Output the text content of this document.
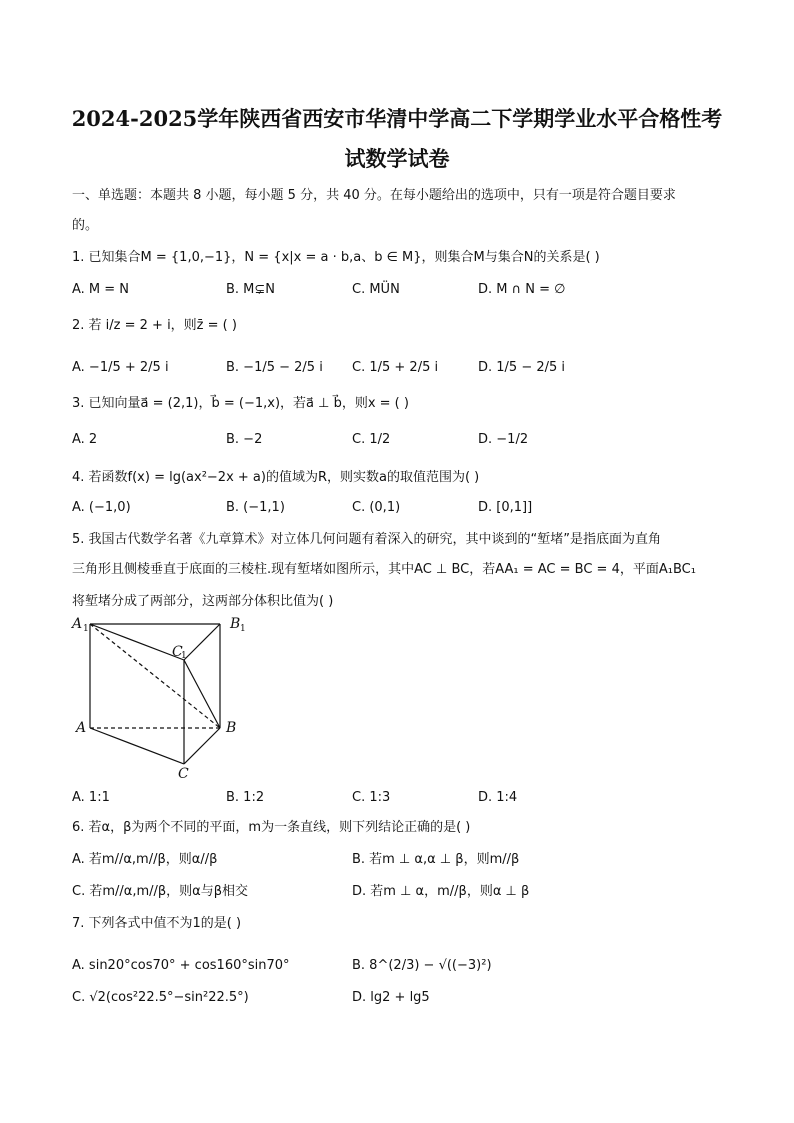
2024-2025学年陕西省西安市华清中学高二下学期学业水平合格性考
试数学试卷
一、单选题：本题共 8 小题，每小题 5 分，共 40 分。在每小题给出的选项中，只有一项是符合题目要求
的。
1. 已知集合M = {1,0,−1}，N = {x|x = a · b,a、b ∈ M}，则集合M与集合N的关系是( )
A. M = N	B. M⊊N	C. MÜN	D. M ∩ N = ∅
2. 若 i/z = 2 + i，则z̄ = ( )
A. −1/5 + 2/5 i	B. −1/5 − 2/5 i C. 1/5 + 2/5 i	D. 1/5 − 2/5 i
3. 已知向量a⃗ = (2,1)，b⃗ = (−1,x)，若a⃗ ⊥ b⃗，则x = ( )
A. 2	B. −2	C. 1/2	D. −1/2
4. 若函数f(x) = lg(ax²−2x + a)的值域为R，则实数a的取值范围为( )
A. (−1,0)	B. (−1,1)	C. (0,1)	D. [0,1]]
5. 我国古代数学名著《九章算术》对立体几何问题有着深入的研究，其中谈到的“堑堵”是指底面为直角
三角形且侧棱垂直于底面的三棱柱.现有堑堵如图所示，其中AC ⊥ BC，若AA₁ = AC = BC = 4，平面A₁BC₁
将堑堵分成了两部分，这两部分体积比值为( )
A 1	B 1
C
1
A	B
C
A. 1:1	B. 1:2	C. 1:3	D. 1:4
6. 若α，β为两个不同的平面，m为一条直线，则下列结论正确的是( )
A. 若m//α,m//β，则α//β	B. 若m ⊥ α,α ⊥ β，则m//β
C. 若m//α,m//β，则α与β相交	D. 若m ⊥ α，m//β，则α ⊥ β
7. 下列各式中值不为1的是( )
A. sin20°cos70° + cos160°sin70°	B. 8^(2/3) − √((−3)²)
C. √2(cos²22.5°−sin²22.5°)	D. lg2 + lg5
